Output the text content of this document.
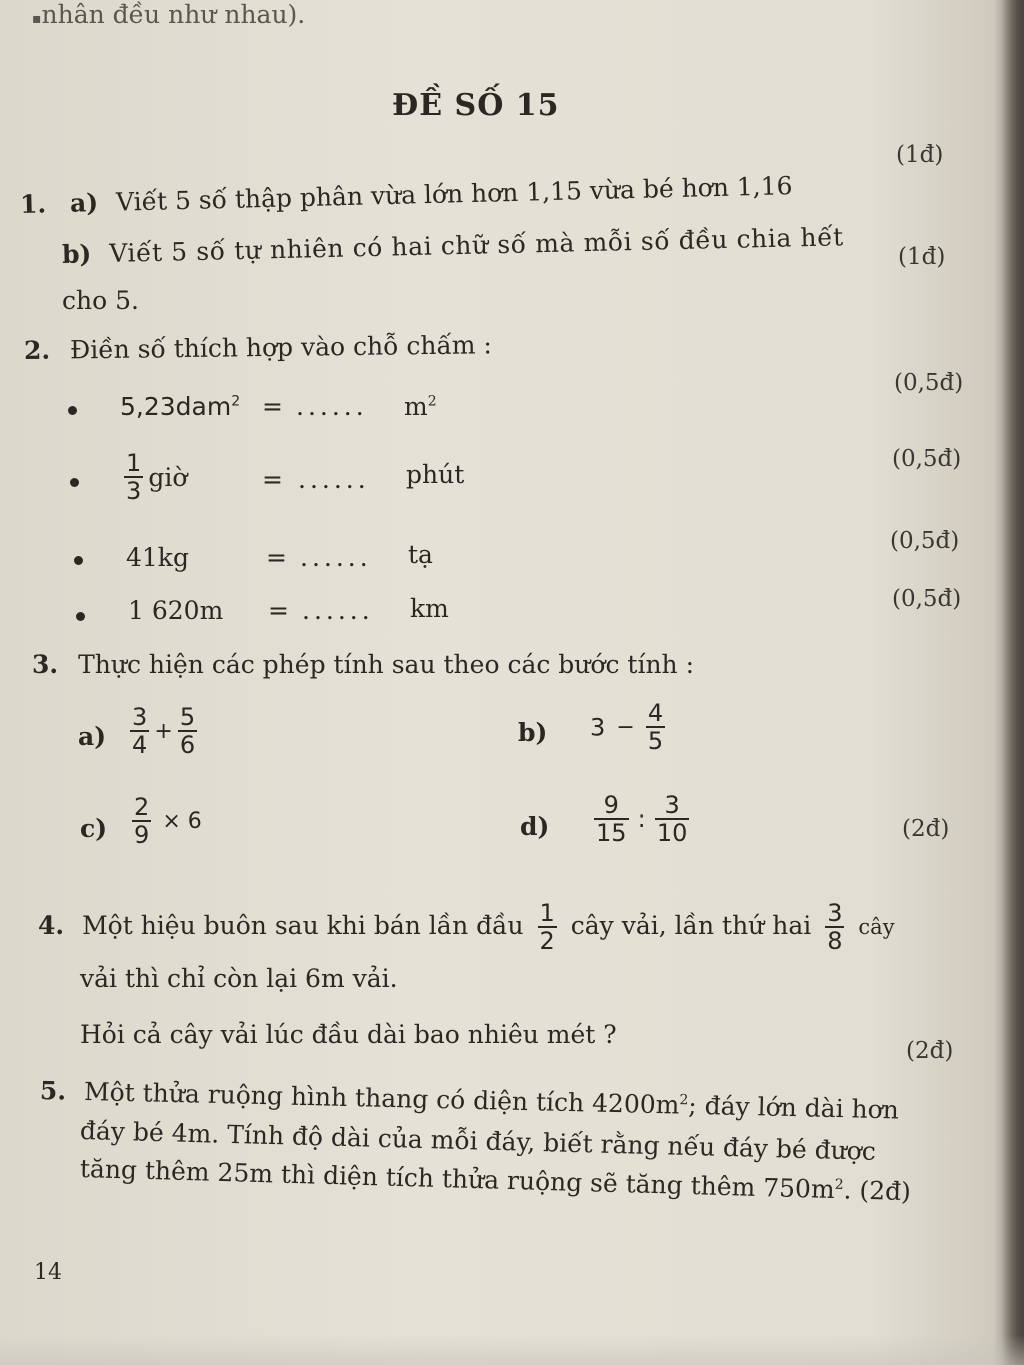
▪nhân đều như nhau).
ĐỀ SỐ 15
1. a) Viết 5 số thập phân vừa lớn hơn 1,15 vừa bé hơn 1,16
(1đ)
b) Viết 5 số tự nhiên có hai chữ số mà mỗi số đều chia hết (1đ)
cho 5.
2. Điền số thích hợp vào chỗ chấm :
5,23dam$^2$ = ...... $m^2$
(0,5đ)
$\frac{1}{3}$ giờ	= ...... phút
(0,5đ)
41kg	= ...... tạ	(0,5đ)
1 620m = ...... km	(0,5đ)
3. Thực hiện các phép tính sau theo các bước tính :
$a) \frac{3}{4} + \frac{5}{6}$	b) $3 - \frac{4}{5}$
$c) \frac{2}{9} \times 6$	$d) \frac{9}{15}$ : $\frac{3}{10}$	(2đ)
4. Một hiệu buôn sau khi bán lần đầu $\frac{1}{2}$ cây vải, lần thứ hai $\frac{3}{8}$ cây
vải thì chỉ còn lại 6m vải.
Hỏi cả cây vải lúc đầu dài bao nhiêu mét ?
(2đ)
5. Một thửa ruộng hình thang có diện tích $4200m^2$; đáy lớn dài hơn
đáy bé 4m. Tính độ dài của mỗi đáy, biết rằng nếu đáy bé được
tăng thêm 25m thì diện tích thửa ruộng sẽ tăng thêm $750m^2$. (2đ)
14
